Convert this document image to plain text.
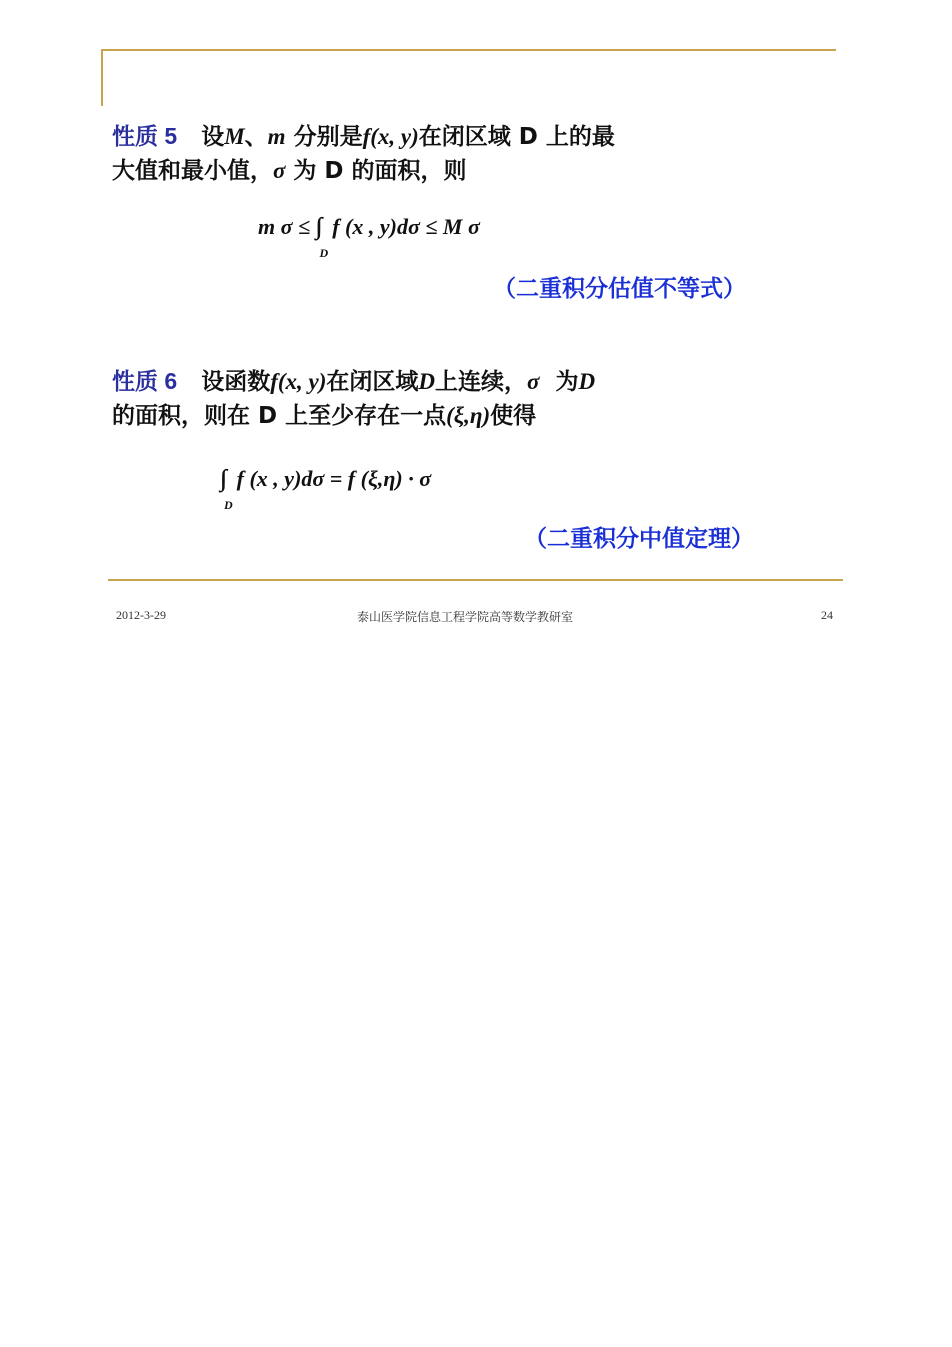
性质 5 设M、m 分别是f(x, y)在闭区域 D 上的最
大值和最小值，σ 为 D 的面积，则
m σ ≤ ∫∫
D
f (x , y)dσ ≤ M σ
（二重积分估值不等式）
性质 6 设函数f(x, y)在闭区域D上连续，σ 为D
的面积，则在 D 上至少存在一点(ξ,η)使得
∫∫
D
f (x , y)dσ = f (ξ,η) · σ
（二重积分中值定理）
2012-3-29	泰山医学院信息工程学院高等数学教研室	24
